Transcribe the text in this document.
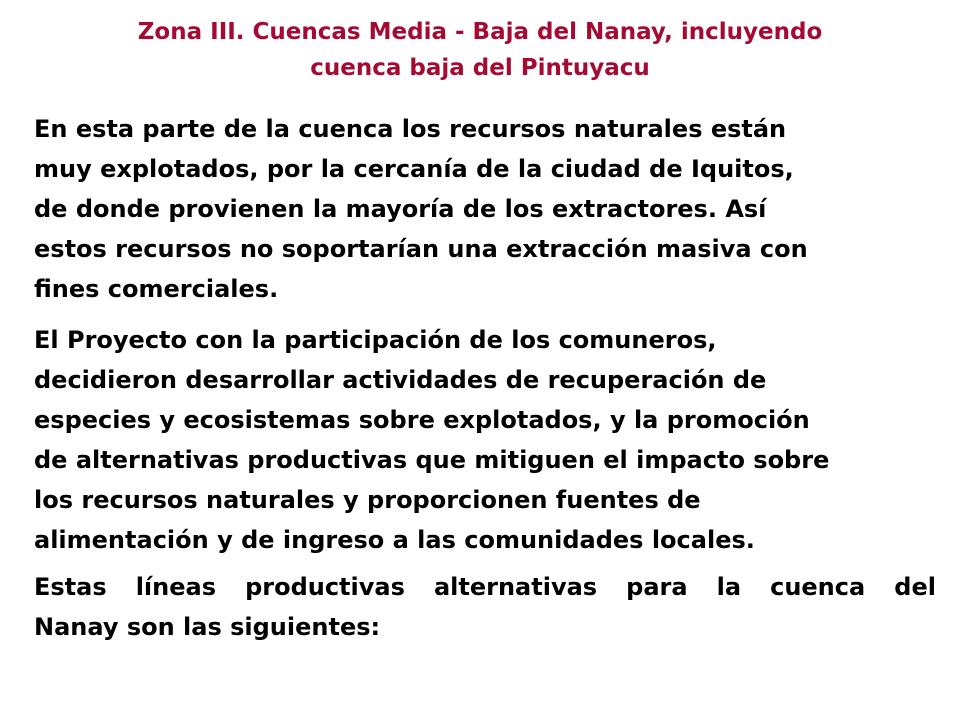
Zona III. Cuencas Media - Baja del Nanay, incluyendo
cuenca baja del Pintuyacu
En esta parte de la cuenca los recursos naturales están
muy explotados, por la cercanía de la ciudad de Iquitos,
de donde provienen la mayoría de los extractores. Así
estos recursos no soportarían una extracción masiva con
fines comerciales.
El Proyecto con la participación de los comuneros,
decidieron desarrollar actividades de recuperación de
especies y ecosistemas sobre explotados, y la promoción
de alternativas productivas que mitiguen el impacto sobre
los recursos naturales y proporcionen fuentes de
alimentación y de ingreso a las comunidades locales.
Estas líneas productivas alternativas para la cuenca del
Nanay son las siguientes:
